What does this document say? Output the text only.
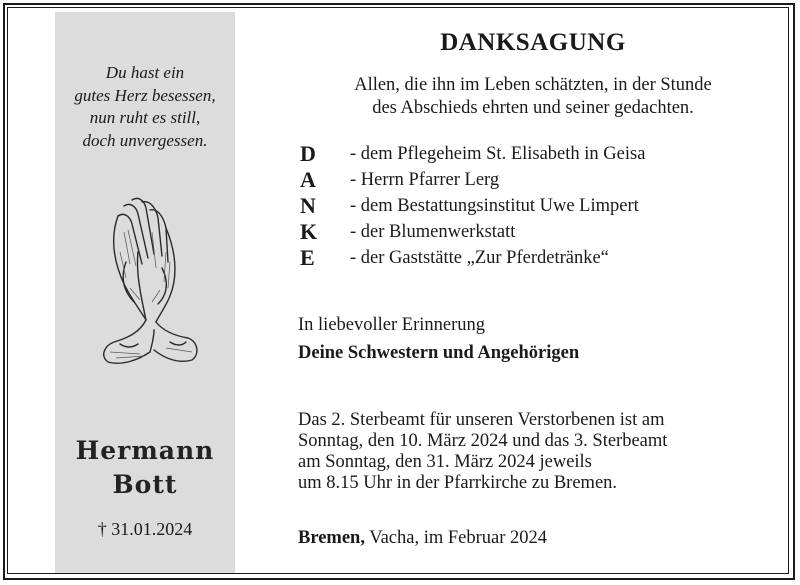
Du hast ein
gutes Herz besessen,
nun ruht es still,
doch unvergessen.
Hermann
Bott
† 31.01.2024
DANKSAGUNG
Allen, die ihn im Leben schätzten, in der Stunde
des Abschieds ehrten und seiner gedachten.
D - dem Pflegeheim St. Elisabeth in Geisa
A - Herrn Pfarrer Lerg
N - dem Bestattungsinstitut Uwe Limpert
K - der Blumenwerkstatt
E - der Gaststätte „Zur Pferdetränke“
In liebevoller Erinnerung
Deine Schwestern und Angehörigen
Das 2. Sterbeamt für unseren Verstorbenen ist am
Sonntag, den 10. März 2024 und das 3. Sterbeamt
am Sonntag, den 31. März 2024 jeweils
um 8.15 Uhr in der Pfarrkirche zu Bremen.
Bremen, Vacha, im Februar 2024
